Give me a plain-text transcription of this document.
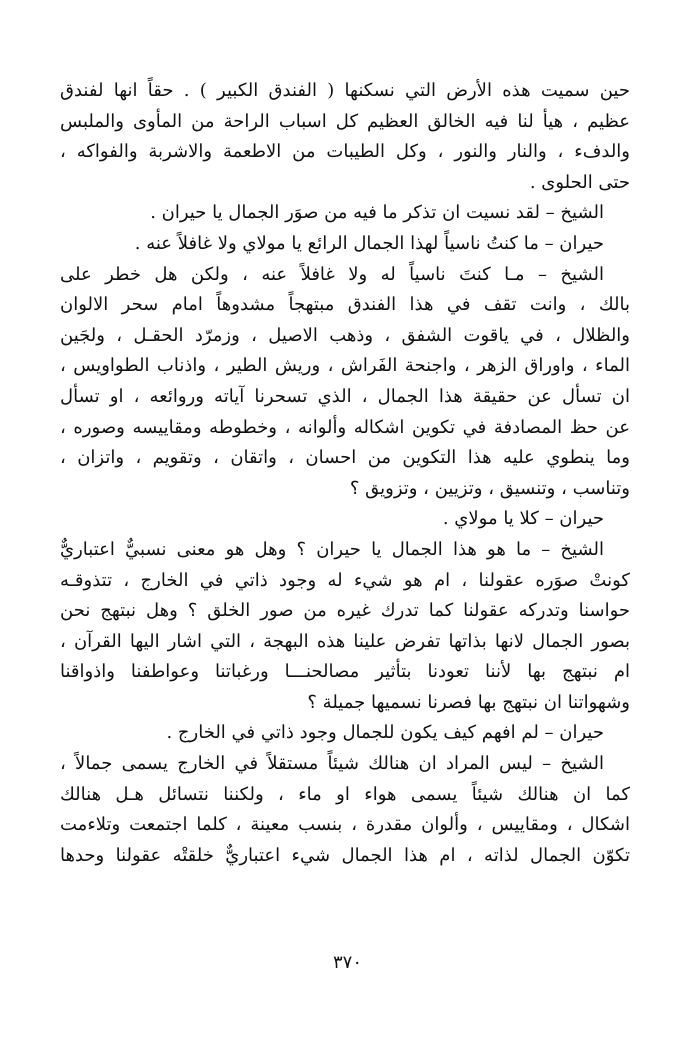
حين سميت هذه الأرض التي نسكنها ( الفندق الكبير ) . حقاً انها لفندق
عظيم ، هيأ لنا فيه الخالق العظيم كل اسباب الراحة من المأوى والملبس
والدفء ، والنار والنور ، وكل الطيبات من الاطعمة والاشربة والفواكه ،
حتى الحلوى .
الشيخ – لقد نسيت ان تذكر ما فيه من صوَر الجمال يا حيران .
حيران – ما كنتُ ناسياً لهذا الجمال الرائع يا مولاي ولا غافلاً عنه .
الشيخ – مـا كنتَ ناسياً له ولا غافلاً عنه ، ولكن هل خطر على
بالك ، وانت تقف في هذا الفندق مبتهجاً مشدوهاً امام سحر الالوان
والظلال ، في ياقوت الشفق ، وذهب الاصيل ، وزمرّد الحقـل ، ولجَين
الماء ، واوراق الزهر ، واجنحة الفَراش ، وريش الطير ، واذناب الطواويس ،
ان تسأل عن حقيقة هذا الجمال ، الذي تسحرنا آياته وروائعه ، او تسأل
عن حظ المصادفة في تكوين اشكاله وألوانه ، وخطوطه ومقاييسه وصوره ،
وما ينطوي عليه هذا التكوين من احسان ، واتقان ، وتقويم ، واتزان ،
وتناسب ، وتنسيق ، وتزيين ، وتزويق ؟
حيران – كلا يا مولاي .
الشيخ – ما هو هذا الجمال يا حيران ؟ وهل هو معنى نسبيٌّ اعتباريٌّ
كونتْ صوَره عقولنا ، ام هو شيء له وجود ذاتي في الخارج ، تتذوقـه
حواسنا وتدركه عقولنا كما تدرك غيره من صور الخلق ؟ وهل نبتهج نحن
بصور الجمال لانها بذاتها تفرض علينا هذه البهجة ، التي اشار اليها القرآن ،
ام نبتهج بها لأننا تعودنا بتأثير مصالحنـــا ورغباتنا وعواطفنا واذواقنا
وشهواتنا ان نبتهج بها فصرنا نسميها جميلة ؟
حيران – لم افهم كيف يكون للجمال وجود ذاتي في الخارج .
الشيخ – ليس المراد ان هنالك شيئاً مستقلاً في الخارج يسمى جمالاً ،
كما ان هنالك شيئاً يسمى هواء او ماء ، ولكننا نتسائل هـل هنالك
اشكال ، ومقاييس ، وألوان مقدرة ، بنسب معينة ، كلما اجتمعت وتلاءمت
تكوّن الجمال لذاته ، ام هذا الجمال شيء اعتباريٌّ خلقتْه عقولنا وحدها
٣٧٠
